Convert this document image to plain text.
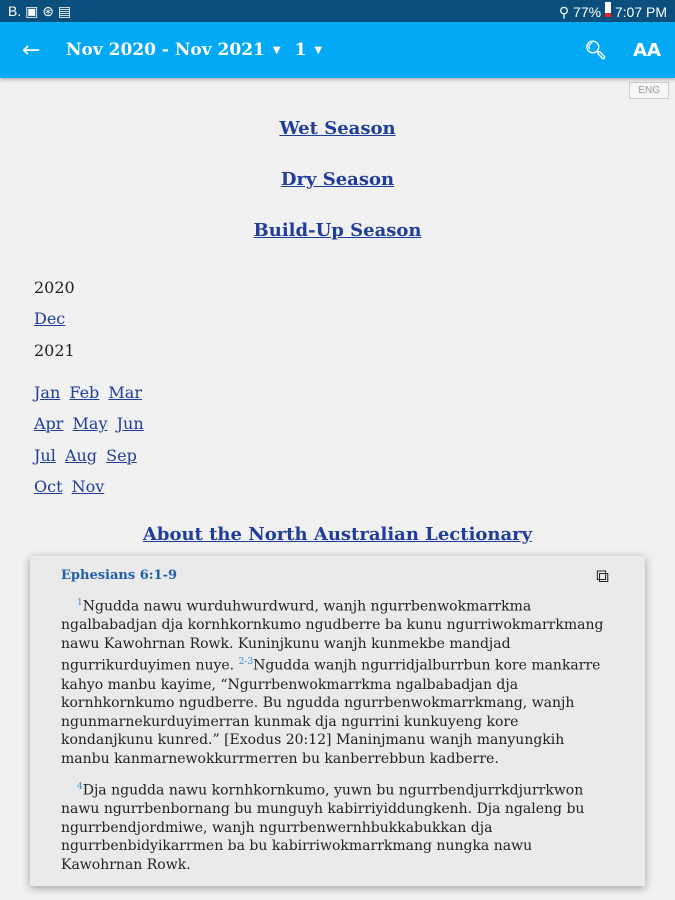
B. ▣ ⊛ ▤	⚲ 77% 7:07 PM
←	Nov 2020 - Nov 2021 ▼ 1 ▼	🔍︎ AA
ENG
Wet Season
Dry Season
Build-Up Season
2020
Dec
2021
Jan Feb Mar
Apr May Jun
Jul Aug Sep
Oct Nov
About the North Australian Lectionary
Ephesians 6:1-9	⧉

$^1$Ngudda nawu wurduhwurdwurd, wanjh ngurrbenwokmarrkma ngalbabadjan dja kornhkornkumo ngudberre ba kunu ngurriwokmarrkmang nawu Kawohrnan Rowk. Kuninjkunu wanjh kunmekbe mandjad ngurrikurduyimen nuye. $^{2-3}$Ngudda wanjh ngurridjalburrbun kore mankarre kahyo manbu kayime, “Ngurrbenwokmarrkma ngalbabadjan dja kornhkornkumo ngudberre. Bu ngudda ngurrbenwokmarrkmang, wanjh ngunmarnekurduyimerran kunmak dja ngurrini kunkuyeng kore kondanjkunu kunred.” [Exodus 20:12] Maninjmanu wanjh manyungkih manbu kanmarnewokkurrmerren bu kanberrebbun kadberre.

$^4$Dja ngudda nawu kornhkornkumo, yuwn bu ngurrbendjurrkdjurrkwon nawu ngurrbenbornang bu munguyh kabirriyiddungkenh. Dja ngaleng bu ngurrbendjordmiwe, wanjh ngurrbenwernhbukkabukkan dja ngurrbenbidyikarrmen ba bu kabirriwokmarrkmang nungka nawu Kawohrnan Rowk.
